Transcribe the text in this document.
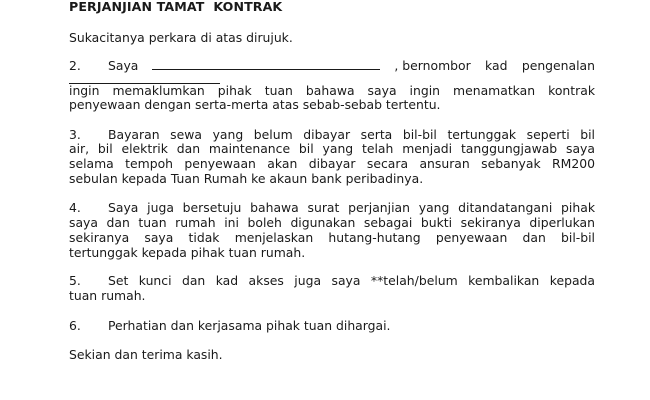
PERJANJIAN TAMAT  KONTRAK
Sukacitanya perkara di atas dirujuk.
2.	Saya	, bernombor kad pengenalan
ingin memaklumkan pihak tuan bahawa saya ingin menamatkan kontrak
penyewaan dengan serta-merta atas sebab-sebab tertentu.
3. Bayaran sewa yang belum dibayar serta bil-bil tertunggak seperti bil
air, bil elektrik dan maintenance bil yang telah menjadi tanggungjawab saya
selama tempoh penyewaan akan dibayar secara ansuran sebanyak RM200
sebulan kepada Tuan Rumah ke akaun bank peribadinya.
4. Saya juga bersetuju bahawa surat perjanjian yang ditandatangani pihak
saya dan tuan rumah ini boleh digunakan sebagai bukti sekiranya diperlukan
sekiranya saya tidak menjelaskan hutang-hutang penyewaan dan bil-bil
tertunggak kepada pihak tuan rumah.
5. Set kunci dan kad akses juga saya **telah/belum kembalikan kepada
tuan rumah.
6. Perhatian dan kerjasama pihak tuan dihargai.
Sekian dan terima kasih.
